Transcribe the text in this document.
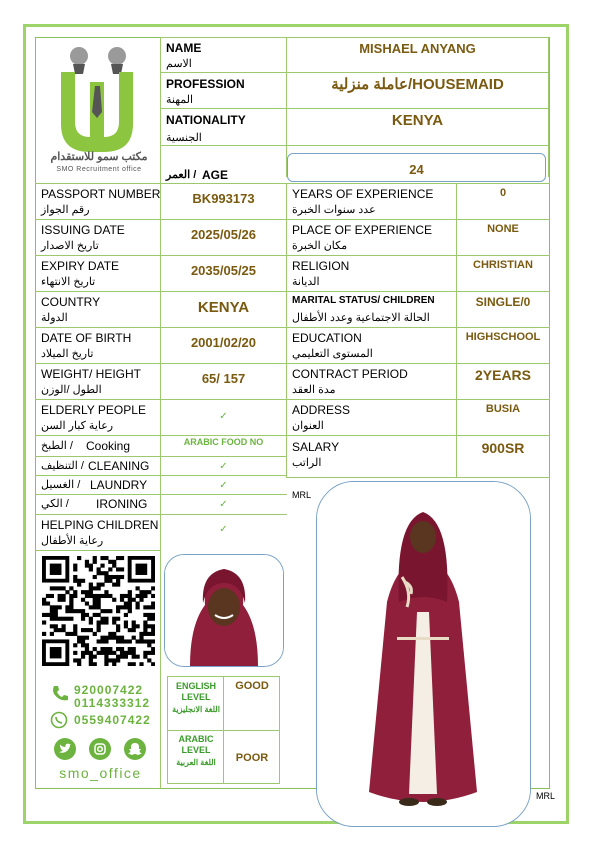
مكتب سمو للاستقدام
SMO Recruitment office
NAME
الاسم
MISHAEL ANYANG
PROFESSION
المهنة
عاملة منزلية/HOUSEMAID
NATIONALITY
الجنسية
KENYA
العمر / AGE	24
PASSPORT NUMBER
رقم الجواز
BK993173
ISSUING DATE
تاريخ الاصدار
2025/05/26
EXPIRY DATE
تاريخ الانتهاء
2035/05/25
COUNTRY
الدولة
KENYA
DATE OF BIRTH
تاريخ الميلاد
2001/02/20
WEIGHT/ HEIGHT
الطول /الوزن
65/ 157
ELDERLY PEOPLE
رعاية كبار السن
✓
الطبخ / Cooking	ARABIC FOOD NO
التنظيف / CLEANING	✓
الغسيل / LAUNDRY	✓
الكي / IRONING	✓
HELPING CHILDREN
رعاية الأطفال
✓
YEARS OF EXPERIENCE
عدد سنوات الخبرة
0
PLACE OF EXPERIENCE
مكان الخبرة
NONE
RELIGION
الديانة
CHRISTIAN
MARITAL STATUS/ CHILDREN
الحالة الاجتماعية وعدد الأطفال
SINGLE/0
EDUCATION
المستوى التعليمي
HIGHSCHOOL
CONTRACT PERIOD
مدة العقد
2YEARS
ADDRESS
العنوان
BUSIA
SALARY
الراتب
900SR
920007422
0114333312
0559407422
smo_office
ENGLISH LEVEL
اللغة الانجليزية
GOOD
ARABIC LEVEL
اللغة العربية	POOR
MRL
MRL
